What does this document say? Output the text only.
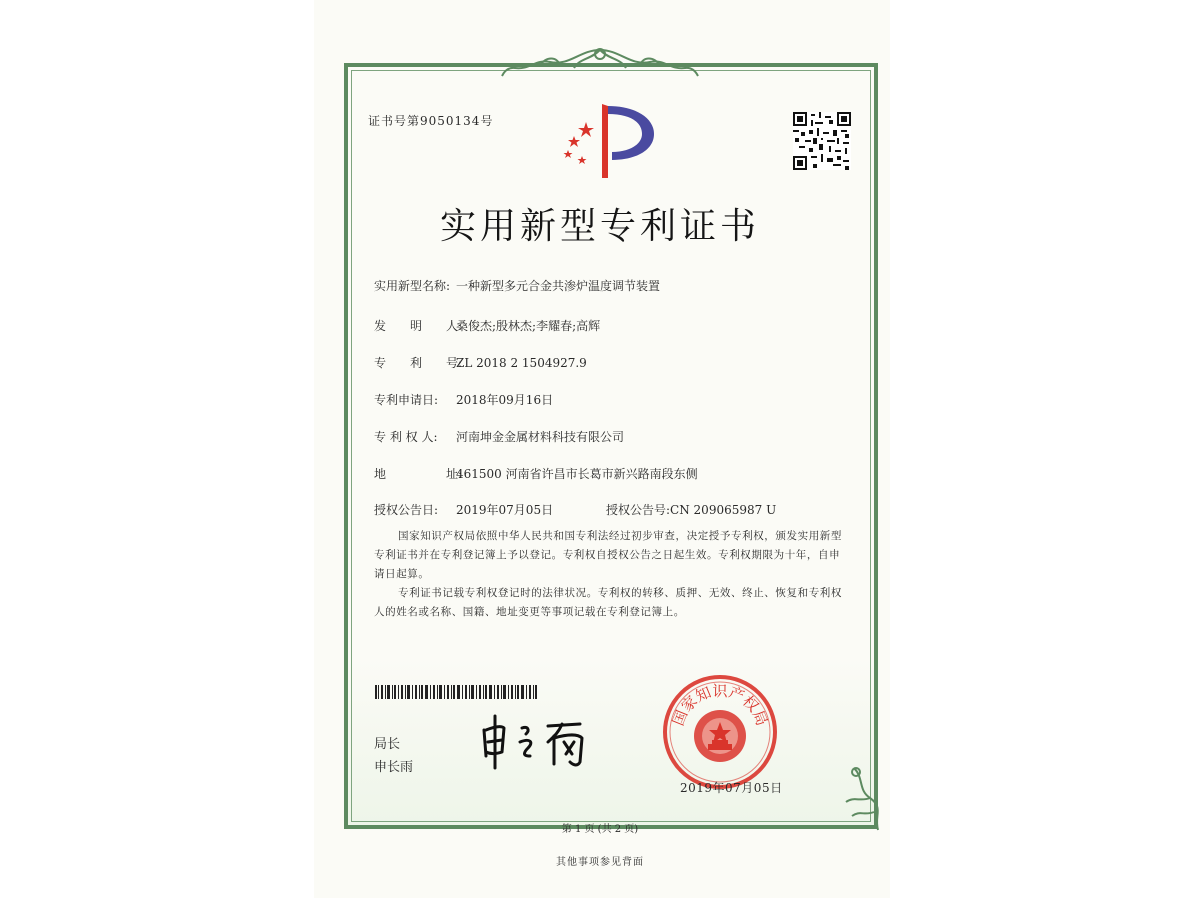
证书号第9050134号
实用新型专利证书
实用新型名称: 一种新型多元合金共渗炉温度调节装置
发　　明　　人:桑俊杰;殷林杰;李耀春;高辉
专　　利　　号:ZL 2018 2 1504927.9
专利申请日: 2018年09月16日
专 利 权 人: 河南坤金金属材料科技有限公司
地　　　　　址:461500 河南省许昌市长葛市新兴路南段东侧
授权公告日: 2019年07月05日	授权公告号:CN 209065987 U
国家知识产权局依照中华人民共和国专利法经过初步审查，决定授予专利权，颁发实用新型专利证书并在专利登记簿上予以登记。专利权自授权公告之日起生效。专利权期限为十年，自申请日起算。
专利证书记载专利权登记时的法律状况。专利权的转移、质押、无效、终止、恢复和专利权人的姓名或名称、国籍、地址变更等事项记载在专利登记簿上。
局长
申长雨
国家知识产权局
2019年07月05日
第 1 页 (共 2 页)
其他事项参见背面
